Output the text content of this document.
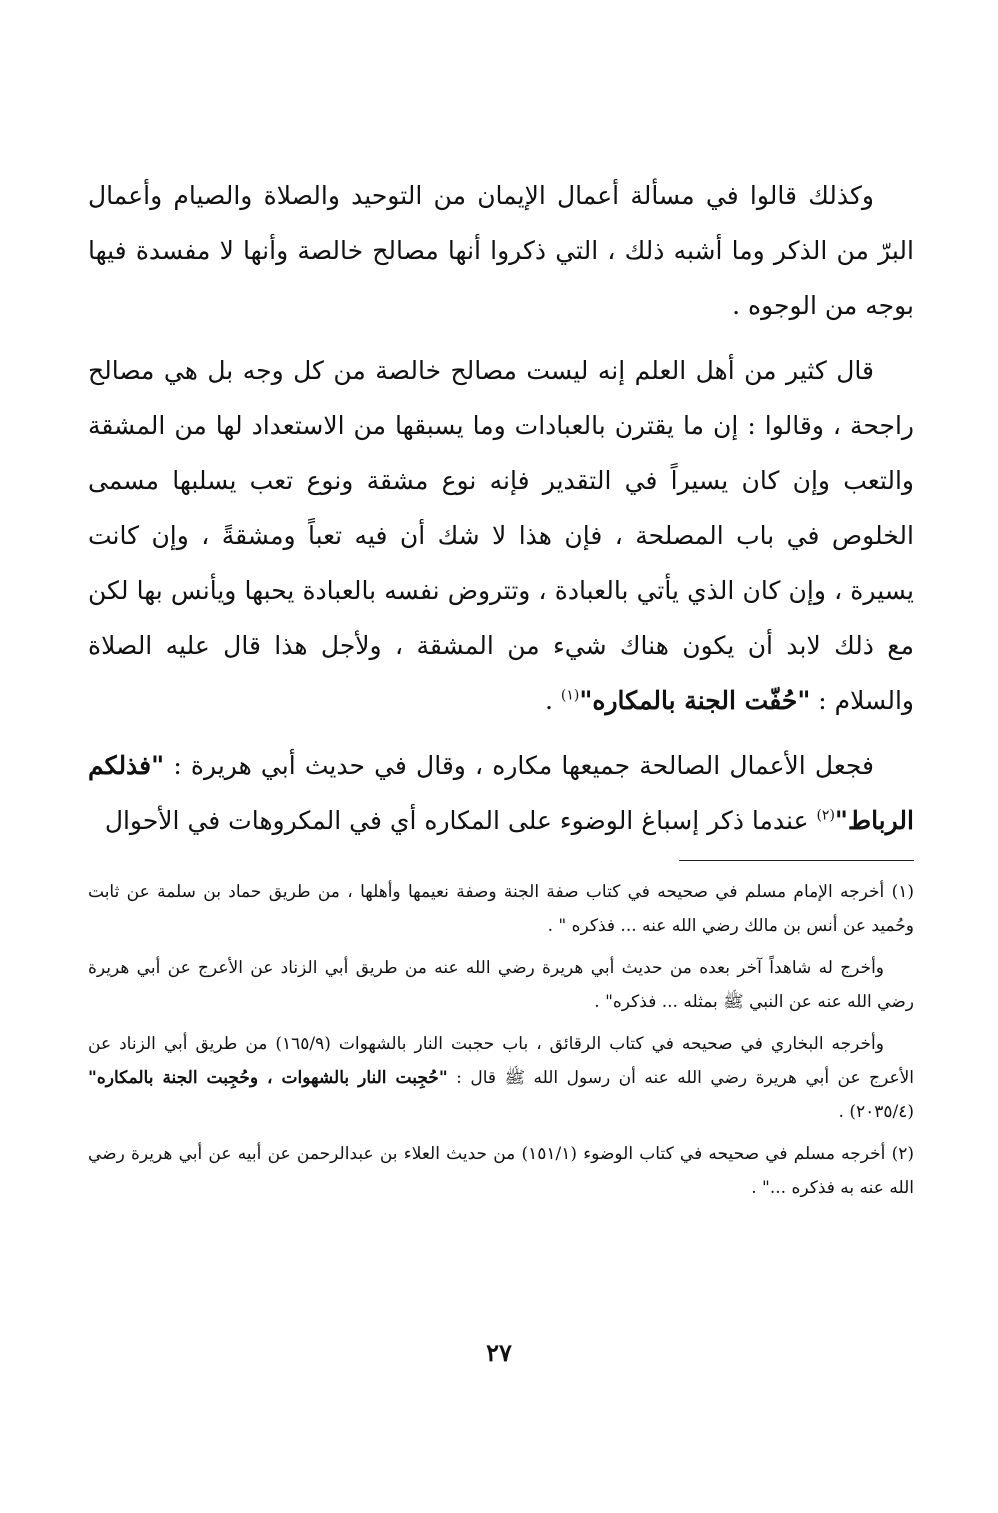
وكذلك قالوا في مسألة أعمال الإيمان من التوحيد والصلاة والصيام وأعمال البرّ من الذكر وما أشبه ذلك ، التي ذكروا أنها مصالح خالصة وأنها لا مفسدة فيها بوجه من الوجوه .

قال كثير من أهل العلم إنه ليست مصالح خالصة من كل وجه بل هي مصالح راجحة ، وقالوا : إن ما يقترن بالعبادات وما يسبقها من الاستعداد لها من المشقة والتعب وإن كان يسيراً في التقدير فإنه نوع مشقة ونوع تعب يسلبها مسمى الخلوص في باب المصلحة ، فإن هذا لا شك أن فيه تعباً ومشقةً ، وإن كانت يسيرة ، وإن كان الذي يأتي بالعبادة ، وتتروض نفسه بالعبادة يحبها ويأنس بها لكن مع ذلك لابد أن يكون هناك شيء من المشقة ، ولأجل هذا قال عليه الصلاة والسلام : "حُفّت الجنة بالمكاره"$^{(١)}$ .

فجعل الأعمال الصالحة جميعها مكاره ، وقال في حديث أبي هريرة : "فذلكم الرباط"$^{(٢)}$ عندما ذكر إسباغ الوضوء على المكاره أي في المكروهات في الأحوال

(١) أخرجه الإمام مسلم في صحيحه في كتاب صفة الجنة وصفة نعيمها وأهلها ، من طريق حماد بن سلمة عن ثابت وحُميد عن أنس بن مالك رضي الله عنه ... فذكره " .

وأخرج له شاهداً آخر بعده من حديث أبي هريرة رضي الله عنه من طريق أبي الزناد عن الأعرج عن أبي هريرة رضي الله عنه عن النبي ﷺ بمثله ... فذكره" .

وأخرجه البخاري في صحيحه في كتاب الرقائق ، باب حجبت النار بالشهوات (١٦٥/٩) من طريق أبي الزناد عن الأعرج عن أبي هريرة رضي الله عنه أن رسول الله ﷺ قال : "حُجِبت النار بالشهوات ، وحُجِبت الجنة بالمكاره" (٢٠٣٥/٤) .

(٢) أخرجه مسلم في صحيحه في كتاب الوضوء (١٥١/١) من حديث العلاء بن عبدالرحمن عن أبيه عن أبي هريرة رضي الله عنه به فذكره ..." .

٢٧
